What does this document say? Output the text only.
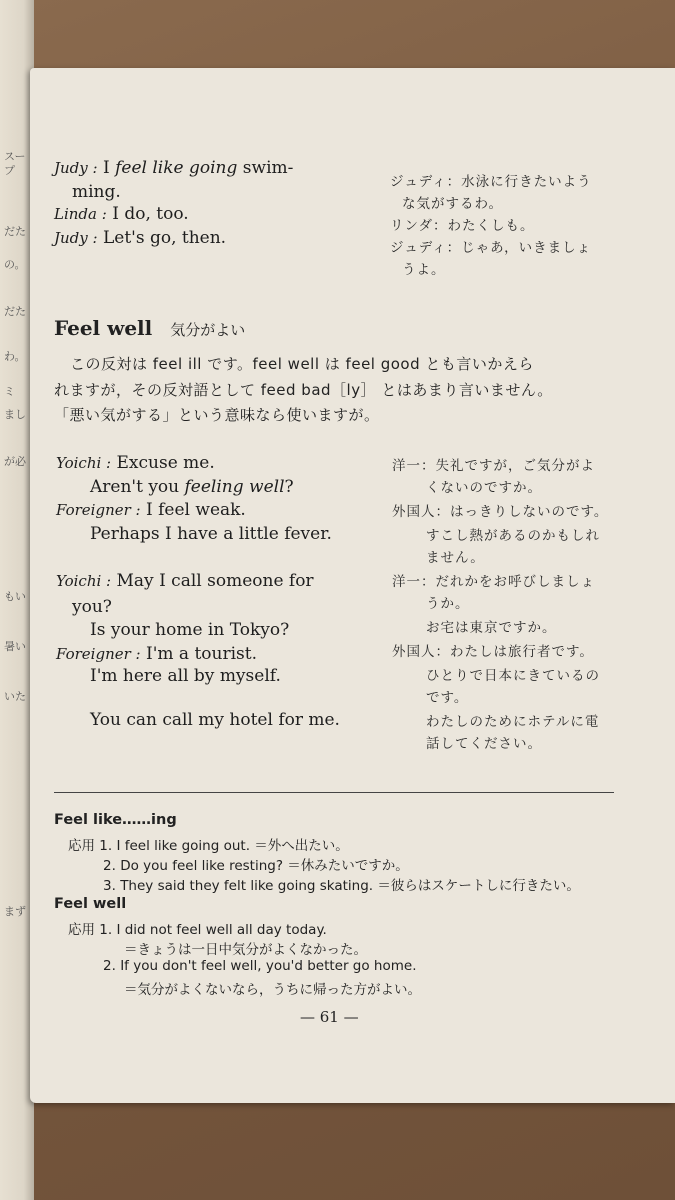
スープ
だた
の。
だた
わ。
ミ
まし
が必
もい
暑い
いた
まず
Judy : I feel like going swim-
ming.
Linda : I do, too.
Judy : Let's go, then.
ジュディ：水泳に行きたいよう
な気がするわ。
リンダ：わたくしも。
ジュディ：じゃあ，いきましょ
うよ。
Feel well 気分がよい
この反対は feel ill です。feel well は feel good とも言いかえら
れますが，その反対語として feed bad［ly］ とはあまり言いません。
「悪い気がする」という意味なら使いますが。
Yoichi : Excuse me.
Aren't you feeling well?
Foreigner : I feel weak.
Perhaps I have a little fever.
Yoichi : May I call someone for
you?
Is your home in Tokyo?
Foreigner : I'm a tourist.
I'm here all by myself.
You can call my hotel for me.
洋一：失礼ですが，ご気分がよ
くないのですか。
外国人：はっきりしないのです。
すこし熱があるのかもしれ
ません。
洋一：だれかをお呼びしましょ
うか。
お宅は東京ですか。
外国人：わたしは旅行者です。
ひとりで日本にきているの
です。
わたしのためにホテルに電
話してください。
Feel like……ing
応用 1. I feel like going out. ＝外へ出たい。
2. Do you feel like resting? ＝休みたいですか。
3. They said they felt like going skating. ＝彼らはスケートしに行きたい。
Feel well
応用 1. I did not feel well all day today.
＝きょうは一日中気分がよくなかった。
2. If you don't feel well, you'd better go home.
＝気分がよくないなら，うちに帰った方がよい。
— 61 —
